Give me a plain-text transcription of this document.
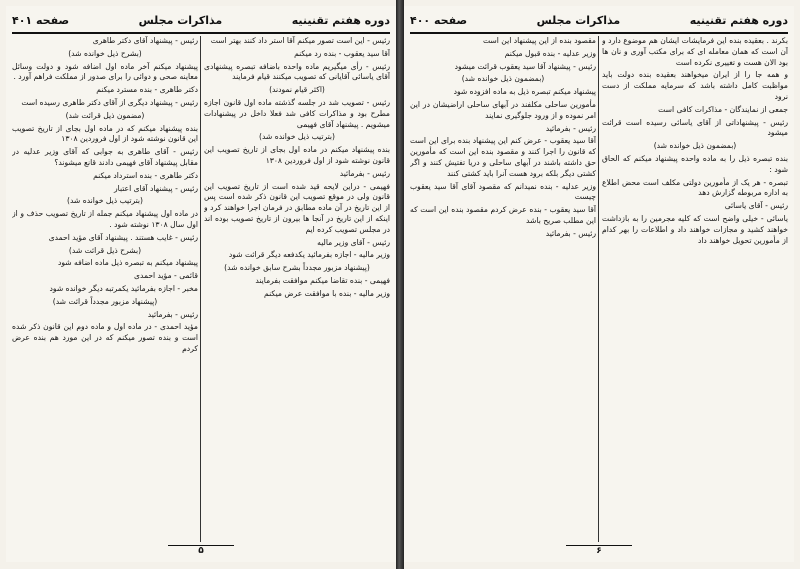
دوره هفتم تقنینیه
مذاکرات مجلس
صفحه ۴۰۱

رئیس - این است تصور میکنم آقا استر داد کنند بهتر است

آقا سید یعقوب - بنده رد میکنم

رئیس - رأی میگیریم ماده واحده باضافه تبصره پیشنهادی آقای یاسائی آقایانی که تصویب میکنند قیام فرمایند

(اکثر قیام نمودند)

رئیس - تصویب شد در جلسه گذشته ماده اول قانون اجازه مطرح بود و مذاکرات کافی شد فعلا داخل در پیشنهادات میشویم . پیشنهاد آقای فهیمی

(بترتیب ذیل خوانده شد)

بنده پیشنهاد میکنم در ماده اول بجای از تاریخ تصویب این قانون نوشته شود از اول فروردین ۱۳۰۸

رئیس - بفرمائید

فهیمی - دراین لایحه قید شده است از تاریخ تصویب این قانون ولی در موقع تصویب این قانون ذکر شده است پس از این تاریخ در آن ماده مطابق در فرمان اجرا خواهند کرد و اینکه از این تاریخ در آنجا ها بیرون از تاریخ تصویب بوده اند در مجلس تصویب کرده ایم

رئیس - آقای وزیر مالیه

وزیر مالیه - اجازه بفرمائید یکدفعه دیگر قرائت شود

(پیشنهاد مزبور مجدداً بشرح سابق خوانده شد)

فهیمی - بنده تقاضا میکنم موافقت بفرمایند

وزیر مالیه - بنده با موافقت عرض میکنم

رئیس - پیشنهاد آقای دکتر طاهری

(بشرح ذیل خوانده شد)

پیشنهاد میکنم آخر ماده اول اضافه شود و دولت وسائل معاینه صحی و دوائی را برای صدور از مملکت فراهم آورد .

دکتر طاهری - بنده مسترد میکنم

رئیس - پیشنهاد دیگری از آقای دکتر طاهری رسیده است

(مضمون ذیل قرائت شد)

بنده پیشنهاد میکنم که در ماده اول بجای از تاریخ تصویب این قانون نوشته شود از اول فروردین ۱۳۰۸

رئیس - آقای طاهری به جوابی که آقای وزیر عدلیه در مقابل پیشنهاد آقای فهیمی دادند قانع میشوند؟

دکتر طاهری - بنده استرداد میکنم

رئیس - پیشنهاد آقای اعتبار

(بترتیب ذیل خوانده شد)

در ماده اول پیشنهاد میکنم جمله از تاریخ تصویب حذف و از اول سال ۱۳۰۸ نوشته شود .

رئیس - غایب هستند . پیشنهاد آقای مؤید احمدی

(بشرح ذیل قرائت شد)

پیشنهاد میکنم به تبصره ذیل ماده اضافه شود

قائمی - مؤید احمدی

مخبر - اجازه بفرمائید یکمرتبه دیگر خوانده شود

(پیشنهاد مزبور مجدداً قرائت شد)

رئیس - بفرمائید

مؤید احمدی - در ماده اول و ماده دوم این قانون ذکر شده است و بنده تصور میکنم که در این مورد هم بنده عرض کردم

۵
دوره هفتم تقنینیه
مذاکرات مجلس
صفحه ۴۰۰

بکرند . بعقیده بنده این فرمایشات ایشان هم موضوع دارد و آن است که همان معامله ای که برای مکتب آوری و نان ها بود الان هست و تغییری نکرده است

و همه جا را از ایران میخواهند بعقیده بنده دولت باید مواظبت کامل داشته باشد که سرمایه مملکت از دست نرود

جمعی از نمایندگان - مذاکرات کافی است

رئیس - پیشنهاداتی از آقای یاسائی رسیده است قرائت میشود

(بمضمون ذیل خوانده شد)

بنده تبصره ذیل را به ماده واحده پیشنهاد میکنم که الحاق شود :

تبصره - هر یک از مأمورین دولتی مکلف است محض اطلاع به اداره مربوطه گزارش دهد

رئیس - آقای یاسائی

یاسائی - خیلی واضح است که کلیه مجرمین را به بازداشت خواهند کشید و مجازات خواهند داد و اطلاعات را بهر کدام از مأمورین تحویل خواهند داد

مقصود بنده از این پیشنهاد این است

وزیر عدلیه - بنده قبول میکنم

رئیس - پیشنهاد آقا سید یعقوب قرائت میشود

(بمضمون ذیل خوانده شد)

پیشنهاد میکنم تبصره ذیل به ماده افزوده شود

مأمورین ساحلی مکلفند در آبهای ساحلی اراضیشان در این امر نموده و از ورود جلوگیری نمایند

رئیس - بفرمائید

آقا سید یعقوب - عرض کنم این پیشنهاد بنده برای این است که قانون را اجرا کنند و مقصود بنده این است که مأمورین حق داشته باشند در آبهای ساحلی و دریا تفتیش کنند و اگر کشتی دیگر بلکه برود هست آنرا باید کشتی کنند

وزیر عدلیه - بنده نمیدانم که مقصود آقای آقا سید یعقوب چیست

آقا سید یعقوب - بنده عرض کردم مقصود بنده این است که این مطلب صریح باشد

رئیس - بفرمائید

۶
